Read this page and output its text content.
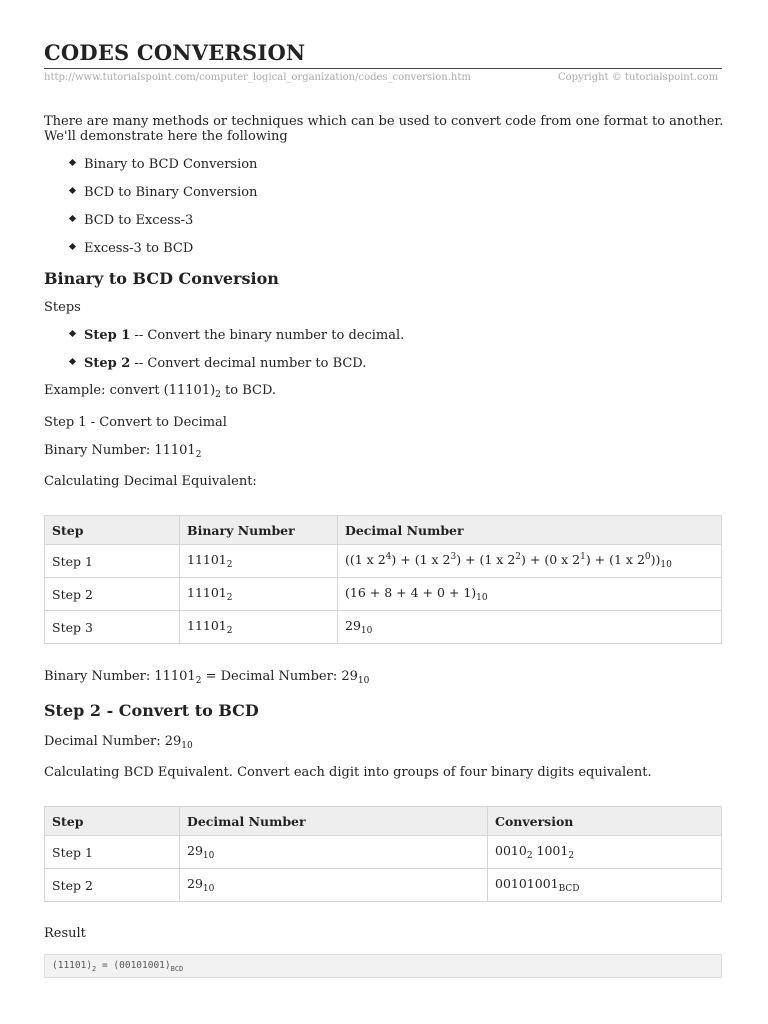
CODES CONVERSION
http://www.tutorialspoint.com/computer_logical_organization/codes_conversion.htm	Copyright © tutorialspoint.com

There are many methods or techniques which can be used to convert code from one format to another. We'll demonstrate here the following

Binary to BCD Conversion
BCD to Binary Conversion
BCD to Excess-3
Excess-3 to BCD
Binary to BCD Conversion

Steps

Step 1 -- Convert the binary number to decimal.
Step 2 -- Convert decimal number to BCD.

Example: convert $(11101)_2$ to BCD.

Step 1 - Convert to Decimal

Binary Number: $11101_2$

Calculating Decimal Equivalent:

Step	Binary Number	Decimal Number
Step 1	$11101_2$	((1 x $2^4) + (1$ x $2^3) + (1$ x $2^2) + (0$ x $2^1) + (1$ x $2^0))_{10}$
Step 2	$11101_2$	$(16 + 8 + 4 + 0 + 1)_{10}$
Step 3	$11101_2$	$29_{10}$

Binary Number: $11101_2$ = Decimal Number: $29_{10}$

Step 2 - Convert to BCD

Decimal Number: $29_{10}$

Calculating BCD Equivalent. Convert each digit into groups of four binary digits equivalent.

Step	Decimal Number	Conversion
Step 1	$29_{10}$	$0010_2$ $1001_2$
Step 2	$29_{10}$	$00101001_{BCD}$

Result

$(11101)_2 = (00101001)_{BCD}$
